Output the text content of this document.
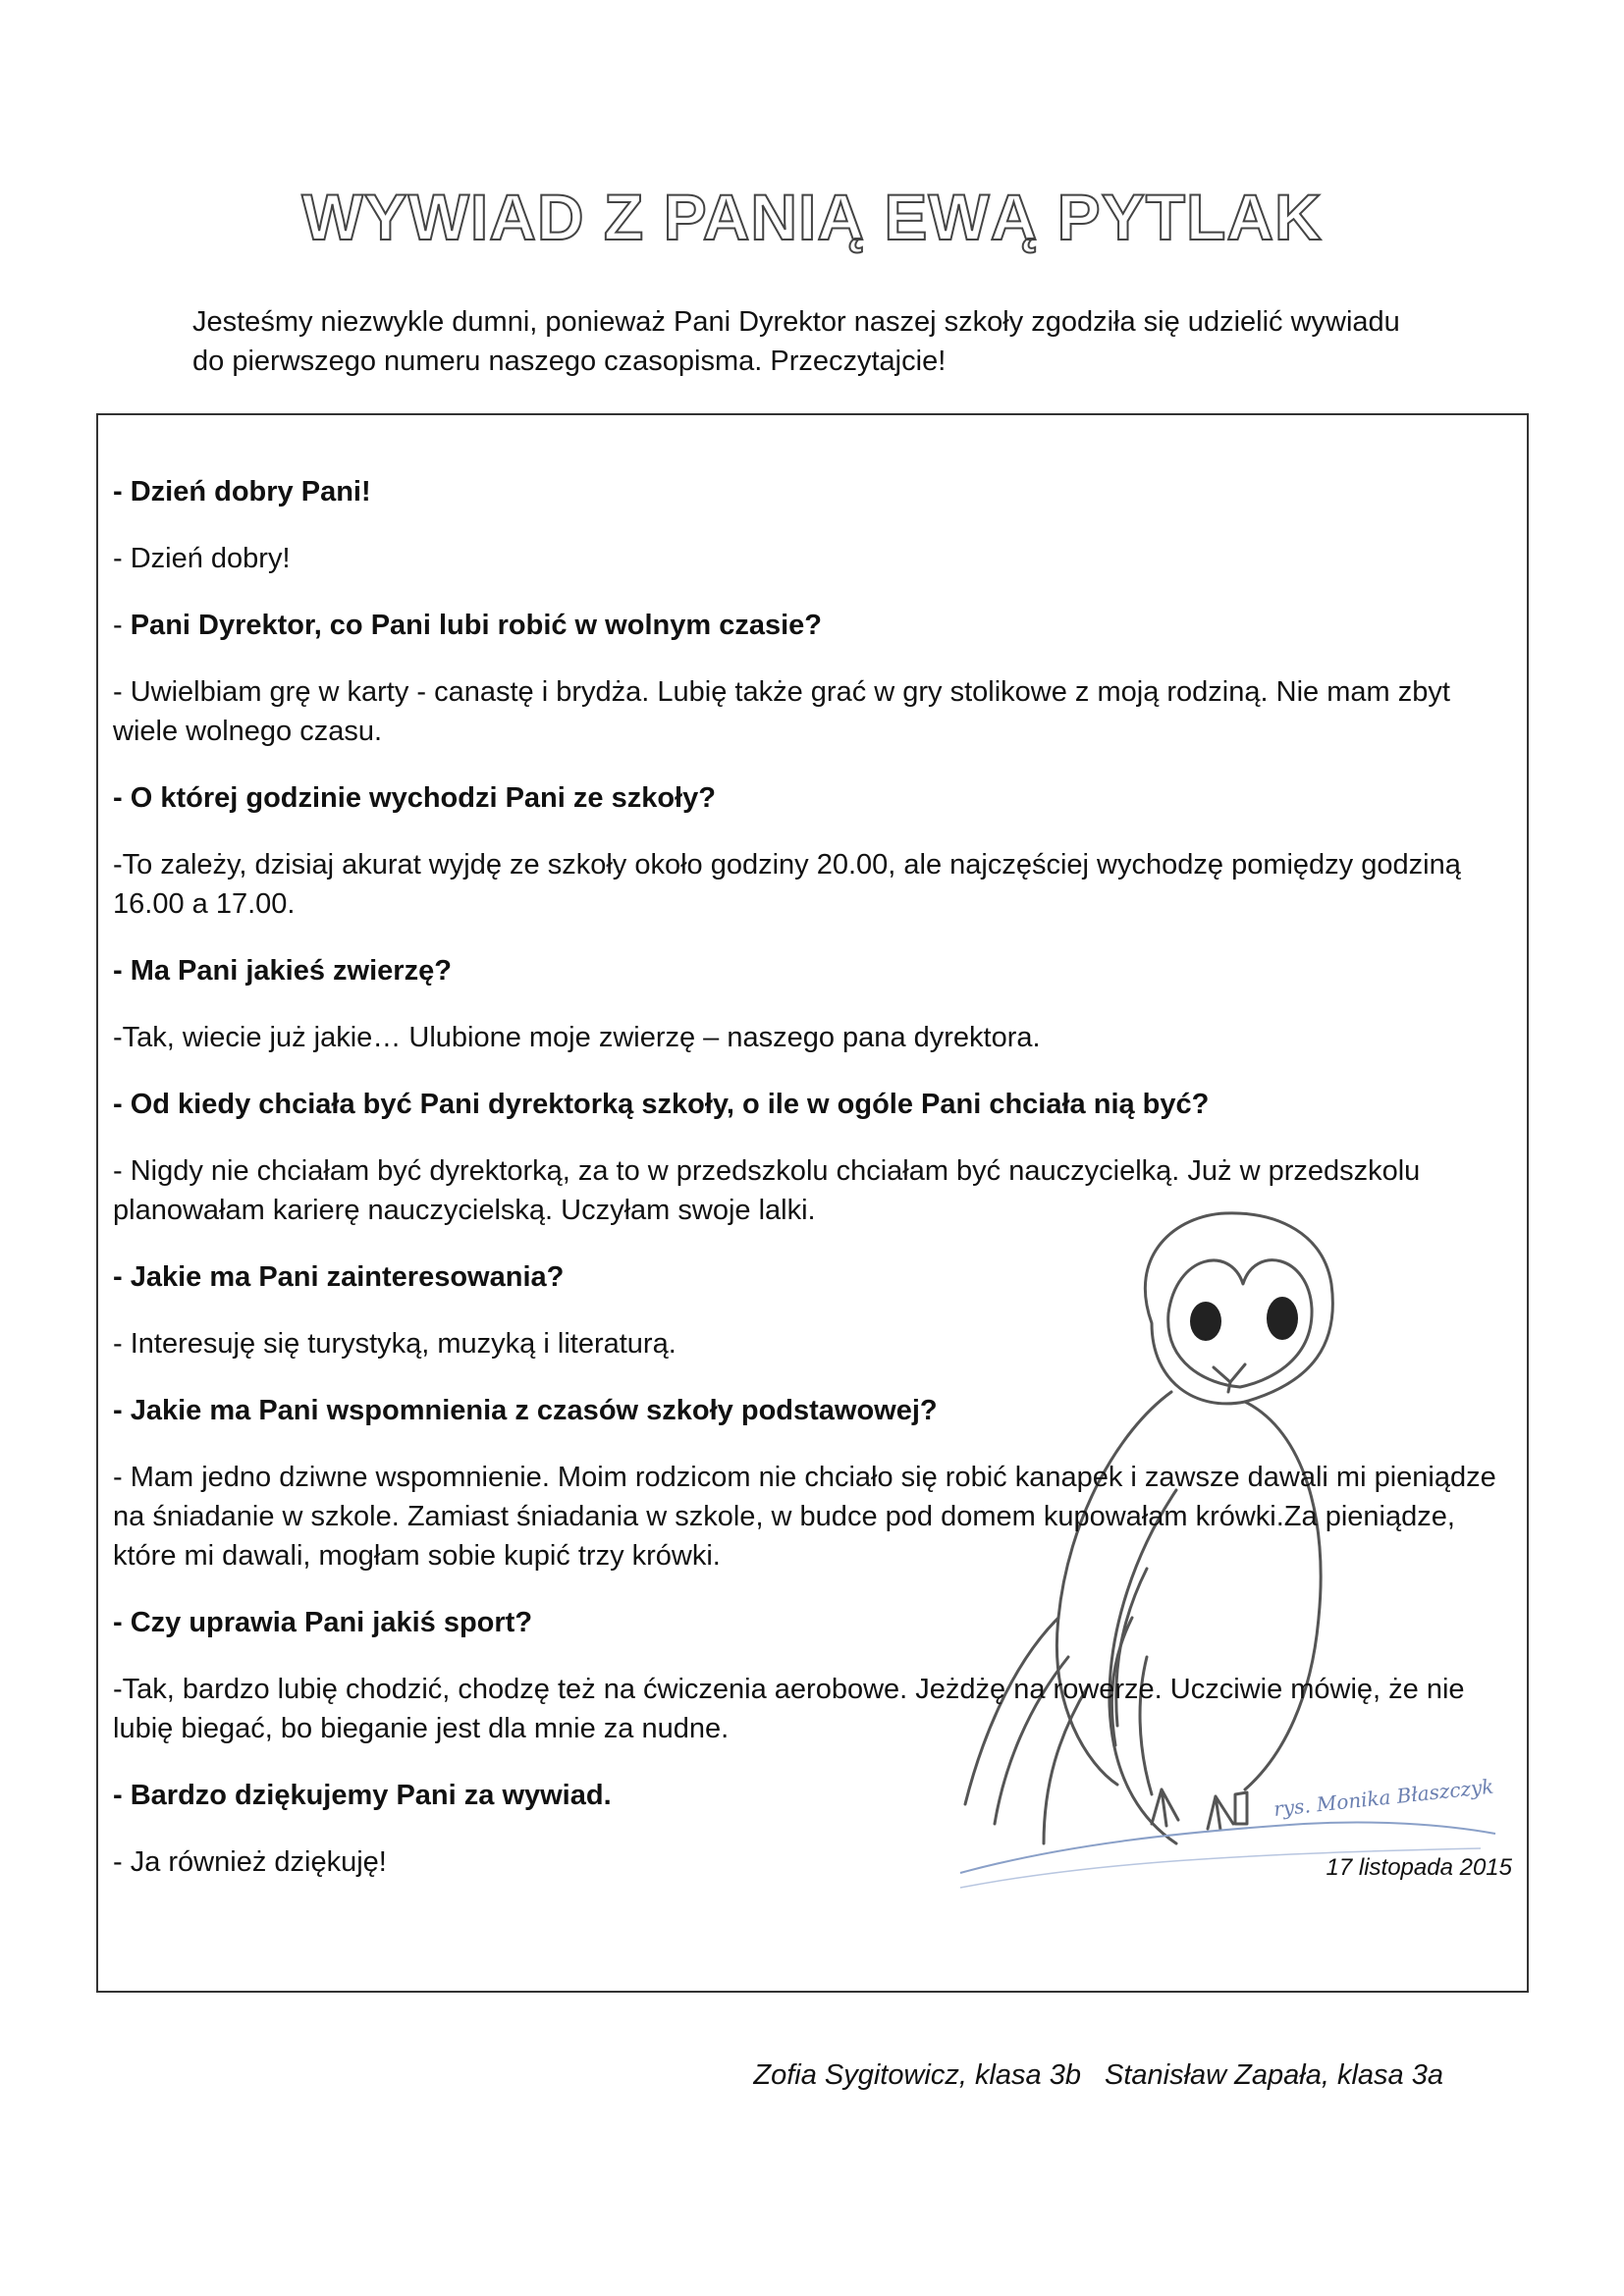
WYWIAD Z PANIĄ EWĄ PYTLAK

Jesteśmy niezwykle dumni, ponieważ Pani Dyrektor naszej szkoły zgodziła się udzielić wywiadu do pierwszego numeru naszego czasopisma. Przeczytajcie!

rys. Monika Błaszczyk

- Dzień dobry Pani!

- Dzień dobry!

- Pani Dyrektor, co Pani lubi robić w wolnym czasie?

- Uwielbiam grę w karty - canastę i brydża. Lubię także grać w gry stolikowe z moją rodziną. Nie mam zbyt wiele wolnego czasu.

- O której godzinie wychodzi Pani ze szkoły?

-To zależy, dzisiaj akurat wyjdę ze szkoły około godziny 20.00, ale najczęściej wychodzę pomiędzy godziną 16.00 a 17.00.

- Ma Pani jakieś zwierzę?

-Tak, wiecie już jakie… Ulubione moje zwierzę – naszego pana dyrektora.

- Od kiedy chciała być Pani dyrektorką szkoły, o ile w ogóle Pani chciała nią być?

- Nigdy nie chciałam być dyrektorką, za to w przedszkolu chciałam być nauczycielką. Już w przedszkolu planowałam karierę nauczycielską. Uczyłam swoje lalki.

- Jakie ma Pani zainteresowania?

- Interesuję się turystyką, muzyką i literaturą.

- Jakie ma Pani wspomnienia z czasów szkoły podstawowej?

- Mam jedno dziwne wspomnienie. Moim rodzicom nie chciało się robić kanapek i zawsze dawali mi pieniądze na śniadanie w szkole. Zamiast śniadania w szkole, w budce pod domem kupowałam krówki.Za pieniądze, które mi dawali, mogłam sobie kupić trzy krówki.

- Czy uprawia Pani jakiś sport?

-Tak, bardzo lubię chodzić, chodzę też na ćwiczenia aerobowe. Jeżdżę na rowerze. Uczciwie mówię, że nie lubię biegać, bo bieganie jest dla mnie za nudne.

- Bardzo dziękujemy Pani za wywiad.

- Ja również dziękuję!	17 listopada 2015
Zofia Sygitowicz, klasa 3b Stanisław Zapała, klasa 3a
